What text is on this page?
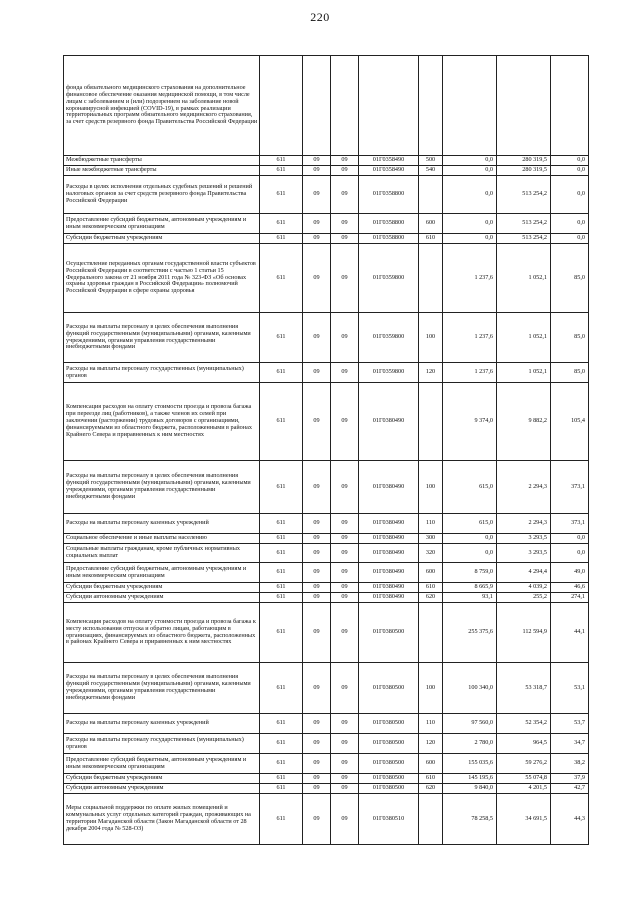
220
фонда обязательного медицинского страхования на дополнительное финансовое обеспечение оказания медицинской помощи, в том числе лицам с заболеванием и (или) подозрением на заболевание новой коронавирусной инфекцией (COVID-19), в рамках реализации территориальных программ обязательного медицинского страхования, за счет средств резервного фонда Правительства Российской Федерации								
Межбюджетные трансферты	611	09	09	01Г0358490	500	0,0	280 319,5	0,0
Иные межбюджетные трансферты	611	09	09	01Г0358490	540	0,0	280 319,5	0,0
Расходы в целях исполнения отдельных судебных решений и решений налоговых органов за счет средств резервного фонда Правительства Российской Федерации	611	09	09	01Г0358800		0,0	513 254,2	0,0
Предоставление субсидий бюджетным, автономным учреждениям и иным некоммерческим организациям	611	09	09	01Г0358800	600	0,0	513 254,2	0,0
Субсидии бюджетным учреждениям	611	09	09	01Г0358800	610	0,0	513 254,2	0,0
Осуществление переданных органам государственной власти субъектов Российской Федерации в соответствии с частью 1 статьи 15 Федерального закона от 21 ноября 2011 года № 323-ФЗ «Об основах охраны здоровья граждан в Российской Федерации» полномочий Российской Федерации в сфере охраны здоровья	611	09	09	01Г0359800		1 237,6	1 052,1	85,0
Расходы на выплаты персоналу в целях обеспечения выполнения функций государственными (муниципальными) органами, казенными учреждениями, органами управления государственными внебюджетными фондами	611	09	09	01Г0359800	100	1 237,6	1 052,1	85,0
Расходы на выплаты персоналу государственных (муниципальных) органов	611	09	09	01Г0359800	120	1 237,6	1 052,1	85,0
Компенсация расходов на оплату стоимости проезда и провоза багажа при переезде лиц (работников), а также членов их семей при заключении (расторжении) трудовых договоров с организациями, финансируемыми из областного бюджета, расположенными в районах Крайнего Севера и приравненных к ним местностях	611	09	09	01Г0380490		9 374,0	9 882,2	105,4
Расходы на выплаты персоналу в целях обеспечения выполнения функций государственными (муниципальными) органами, казенными учреждениями, органами управления государственными внебюджетными фондами	611	09	09	01Г0380490	100	615,0	2 294,3	373,1
Расходы на выплаты персоналу казенных учреждений	611	09	09	01Г0380490	110	615,0	2 294,3	373,1
Социальное обеспечение и иные выплаты населению	611	09	09	01Г0380490	300	0,0	3 293,5	0,0
Социальные выплаты гражданам, кроме публичных нормативных социальных выплат	611	09	09	01Г0380490	320	0,0	3 293,5	0,0
Предоставление субсидий бюджетным, автономным учреждениям и иным некоммерческим организациям	611	09	09	01Г0380490	600	8 759,0	4 294,4	49,0
Субсидии бюджетным учреждениям	611	09	09	01Г0380490	610	8 665,9	4 039,2	46,6
Субсидии автономным учреждениям	611	09	09	01Г0380490	620	93,1	255,2	274,1
Компенсация расходов на оплату стоимости проезда и провоза багажа к месту использования отпуска и обратно лицам, работающим в организациях, финансируемых из областного бюджета, расположенных в районах Крайнего Севера и приравненных к ним местностях	611	09	09	01Г0380500		255 375,6	112 594,9	44,1
Расходы на выплаты персоналу в целях обеспечения выполнения функций государственными (муниципальными) органами, казенными учреждениями, органами управления государственными внебюджетными фондами	611	09	09	01Г0380500	100	100 340,0	53 318,7	53,1
Расходы на выплаты персоналу казенных учреждений	611	09	09	01Г0380500	110	97 560,0	52 354,2	53,7
Расходы на выплаты персоналу государственных (муниципальных) органов	611	09	09	01Г0380500	120	2 780,0	964,5	34,7
Предоставление субсидий бюджетным, автономным учреждениям и иным некоммерческим организациям	611	09	09	01Г0380500	600	155 035,6	59 276,2	38,2
Субсидии бюджетным учреждениям	611	09	09	01Г0380500	610	145 195,6	55 074,8	37,9
Субсидии автономным учреждениям	611	09	09	01Г0380500	620	9 840,0	4 201,5	42,7
Меры социальной поддержки по оплате жилых помещений и коммунальных услуг отдельных категорий граждан, проживающих на территории Магаданской области (Закон Магаданской области от 28 декабря 2004 года № 528-ОЗ)	611	09	09	01Г0380510		78 258,5	34 691,5	44,3
